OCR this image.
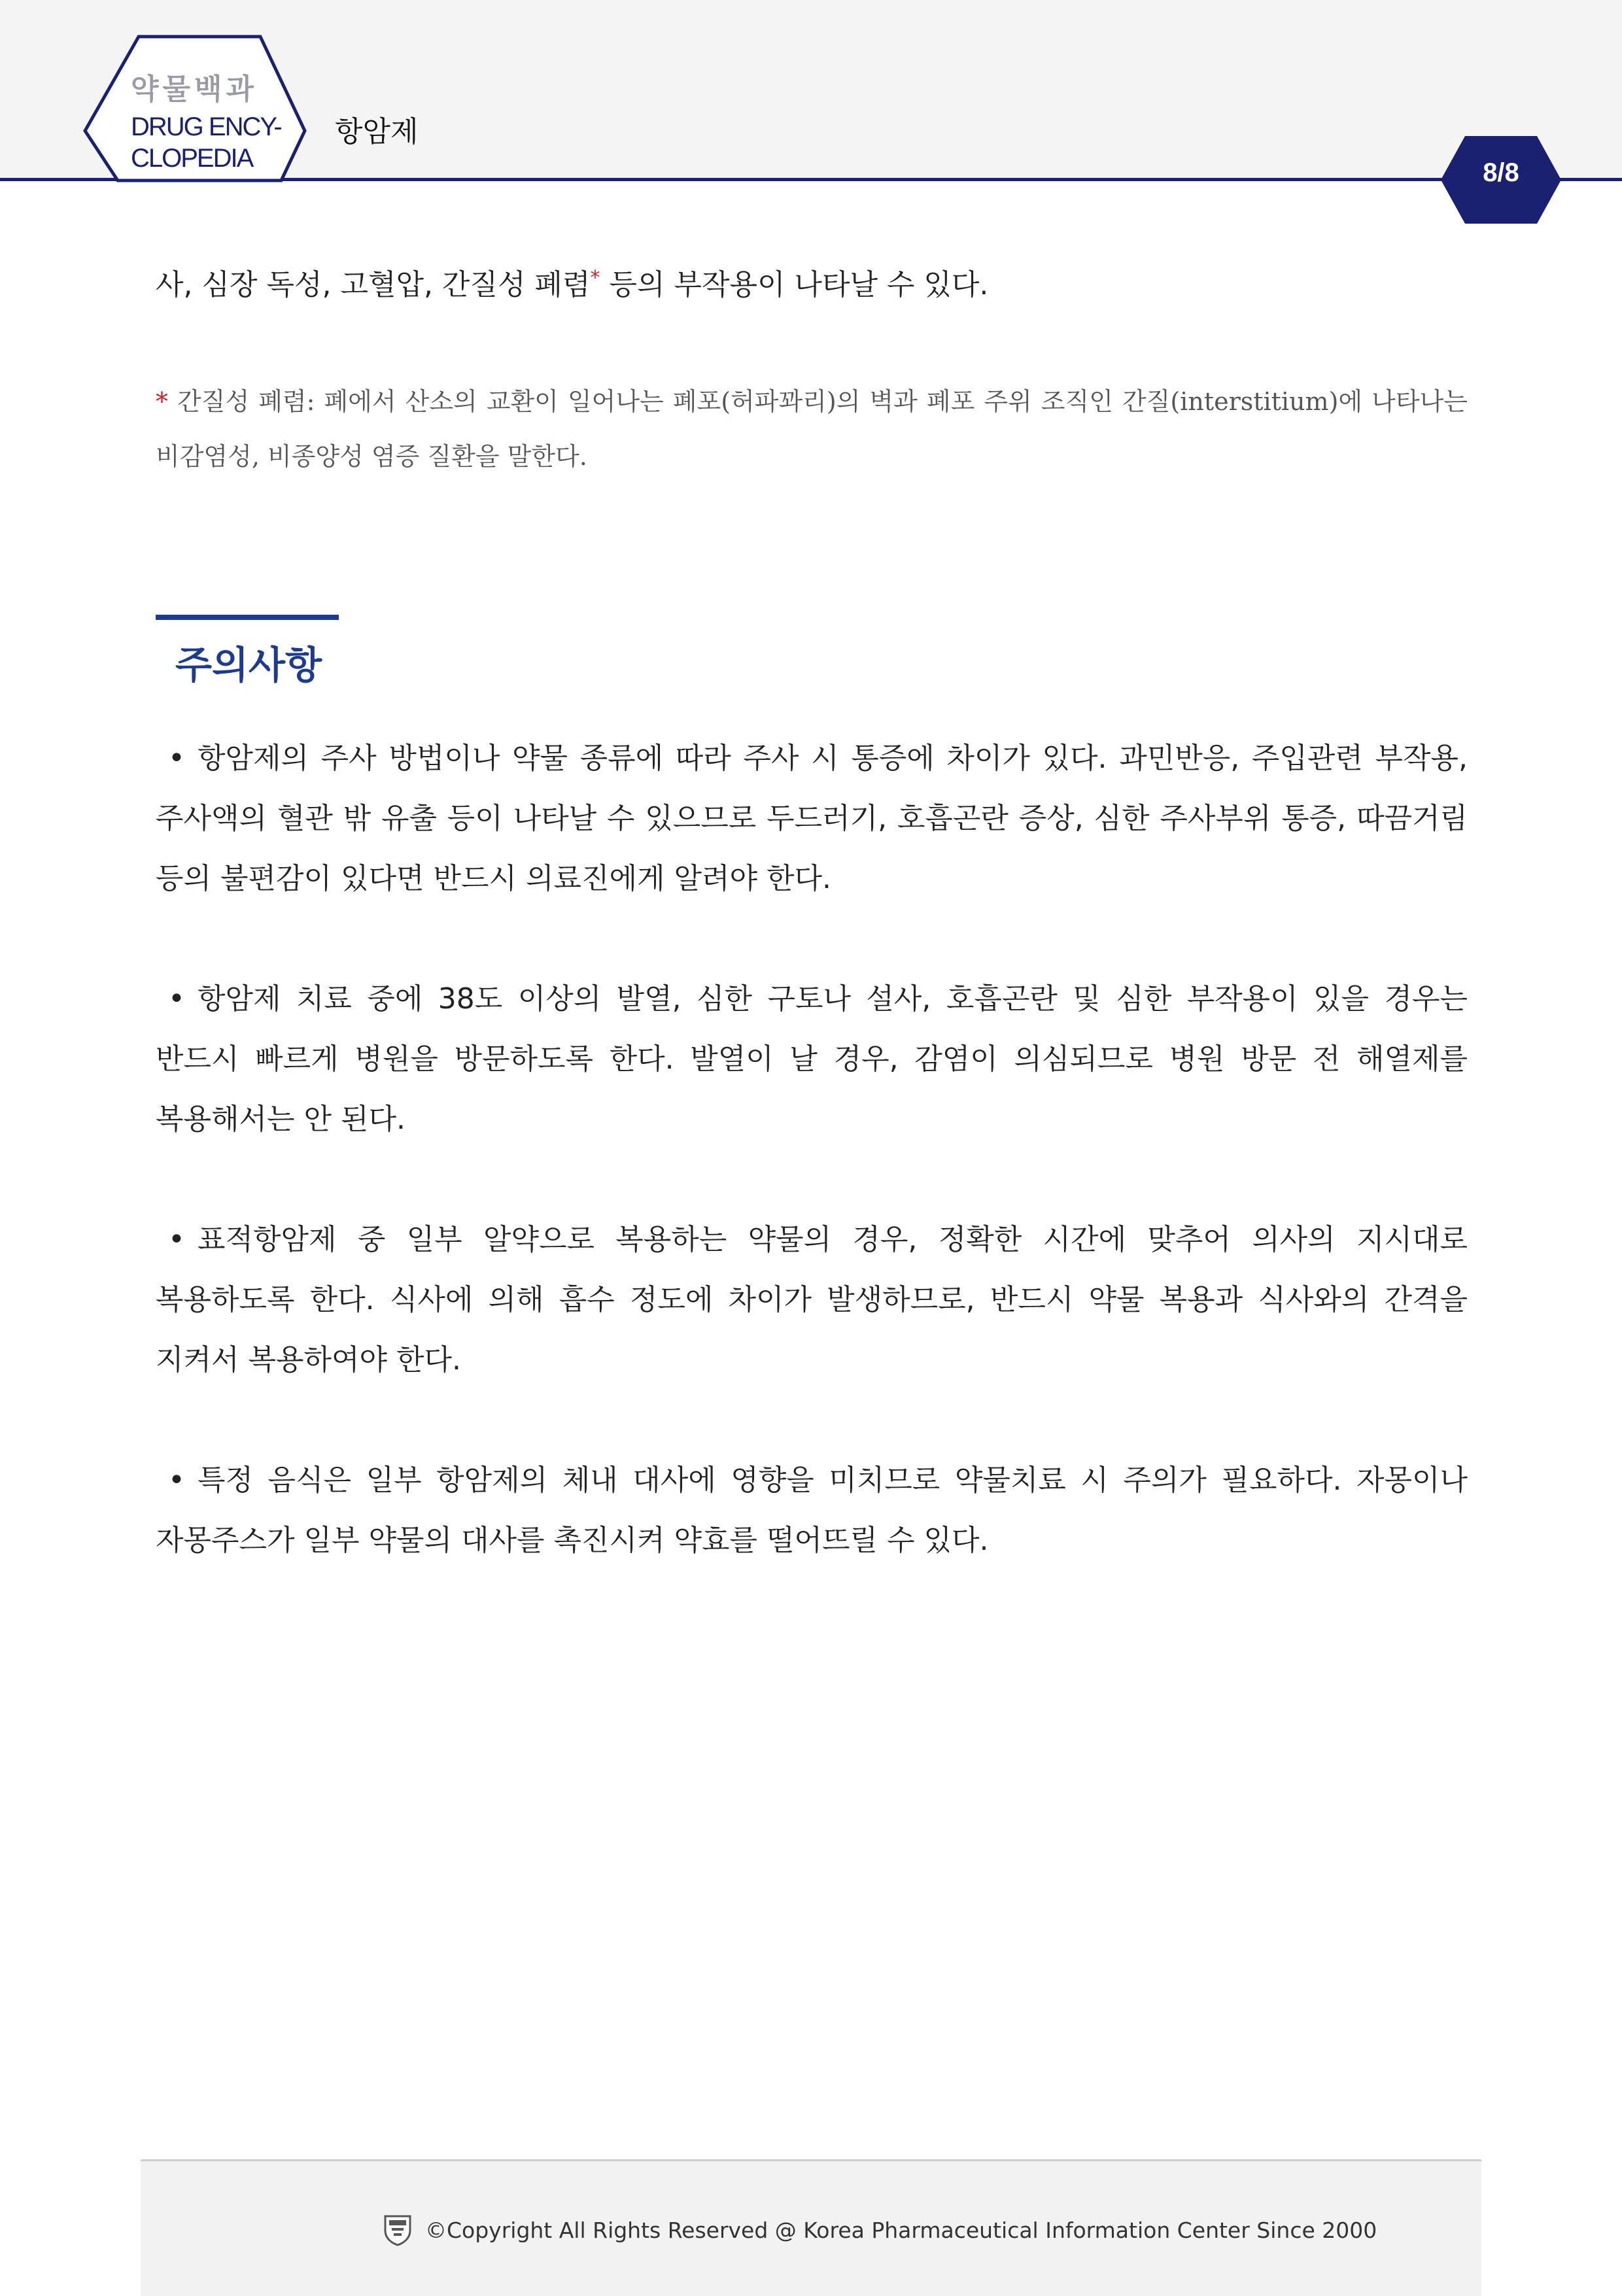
약물백과
DRUG ENCY-
CLOPEDIA
항암제
8/8

사, 심장 독성, 고혈압, 간질성 폐렴* 등의 부작용이 나타날 수 있다.

* 간질성 폐렴: 폐에서 산소의 교환이 일어나는 폐포(허파꽈리)의 벽과 폐포 주위 조직인 간질(interstitium)에 나타나는 비감염성, 비종양성 염증 질환을 말한다.

주의사항

• 항암제의 주사 방법이나 약물 종류에 따라 주사 시 통증에 차이가 있다. 과민반응, 주입관련 부작용, 주사액의 혈관 밖 유출 등이 나타날 수 있으므로 두드러기, 호흡곤란 증상, 심한 주사부위 통증, 따끔거림 등의 불편감이 있다면 반드시 의료진에게 알려야 한다.

• 항암제 치료 중에 38도 이상의 발열, 심한 구토나 설사, 호흡곤란 및 심한 부작용이 있을 경우는 반드시 빠르게 병원을 방문하도록 한다. 발열이 날 경우, 감염이 의심되므로 병원 방문 전 해열제를 복용해서는 안 된다.

• 표적항암제 중 일부 알약으로 복용하는 약물의 경우, 정확한 시간에 맞추어 의사의 지시대로 복용하도록 한다. 식사에 의해 흡수 정도에 차이가 발생하므로, 반드시 약물 복용과 식사와의 간격을 지켜서 복용하여야 한다.

• 특정 음식은 일부 항암제의 체내 대사에 영향을 미치므로 약물치료 시 주의가 필요하다. 자몽이나 자몽주스가 일부 약물의 대사를 촉진시켜 약효를 떨어뜨릴 수 있다.

©Copyright All Rights Reserved @ Korea Pharmaceutical Information Center Since 2000
